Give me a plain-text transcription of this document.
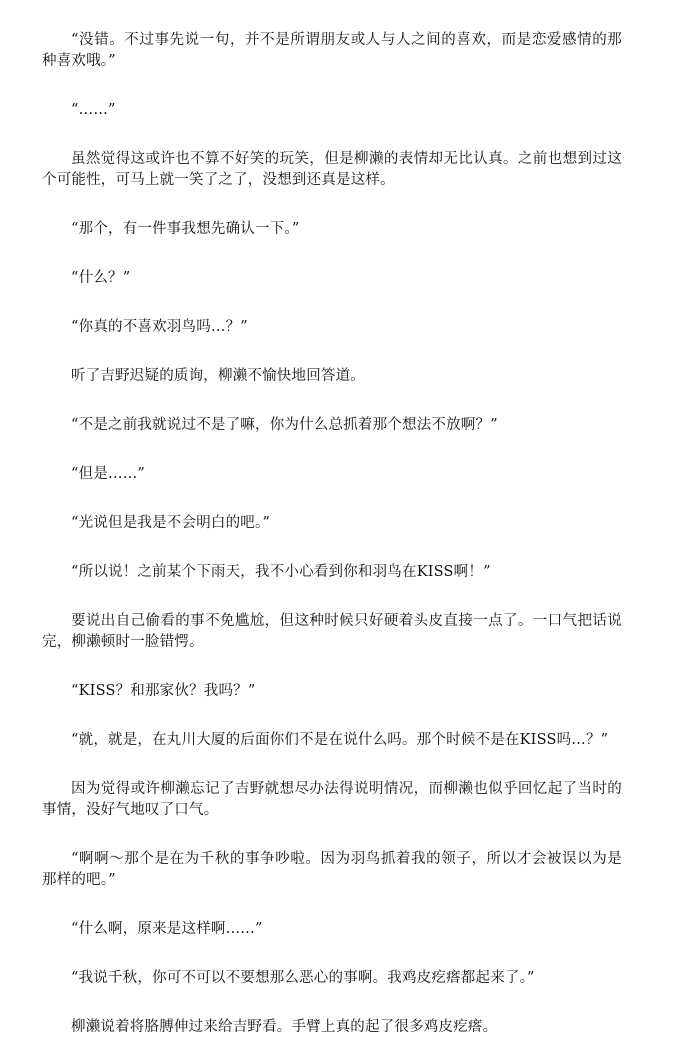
“没错。不过事先说一句，并不是所谓朋友或人与人之间的喜欢，而是恋爱感情的那种喜欢哦。”

“……”

虽然觉得这或许也不算不好笑的玩笑，但是柳濑的表情却无比认真。之前也想到过这个可能性，可马上就一笑了之了，没想到还真是这样。

“那个，有一件事我想先确认一下。”

“什么？”

“你真的不喜欢羽鸟吗…？”

听了吉野迟疑的质询，柳濑不愉快地回答道。

“不是之前我就说过不是了嘛，你为什么总抓着那个想法不放啊？”

“但是……”

“光说但是我是不会明白的吧。”

“所以说！之前某个下雨天，我不小心看到你和羽鸟在KISS啊！”

要说出自己偷看的事不免尴尬，但这种时候只好硬着头皮直接一点了。一口气把话说完，柳濑顿时一脸错愕。

“KISS？和那家伙？我吗？”

“就，就是，在丸川大厦的后面你们不是在说什么吗。那个时候不是在KISS吗…？”

因为觉得或许柳濑忘记了吉野就想尽办法得说明情况，而柳濑也似乎回忆起了当时的事情，没好气地叹了口气。

“啊啊～那个是在为千秋的事争吵啦。因为羽鸟抓着我的领子，所以才会被误以为是那样的吧。”

“什么啊，原来是这样啊……”

“我说千秋，你可不可以不要想那么恶心的事啊。我鸡皮疙瘩都起来了。”

柳濑说着将胳膊伸过来给吉野看。手臂上真的起了很多鸡皮疙瘩。
